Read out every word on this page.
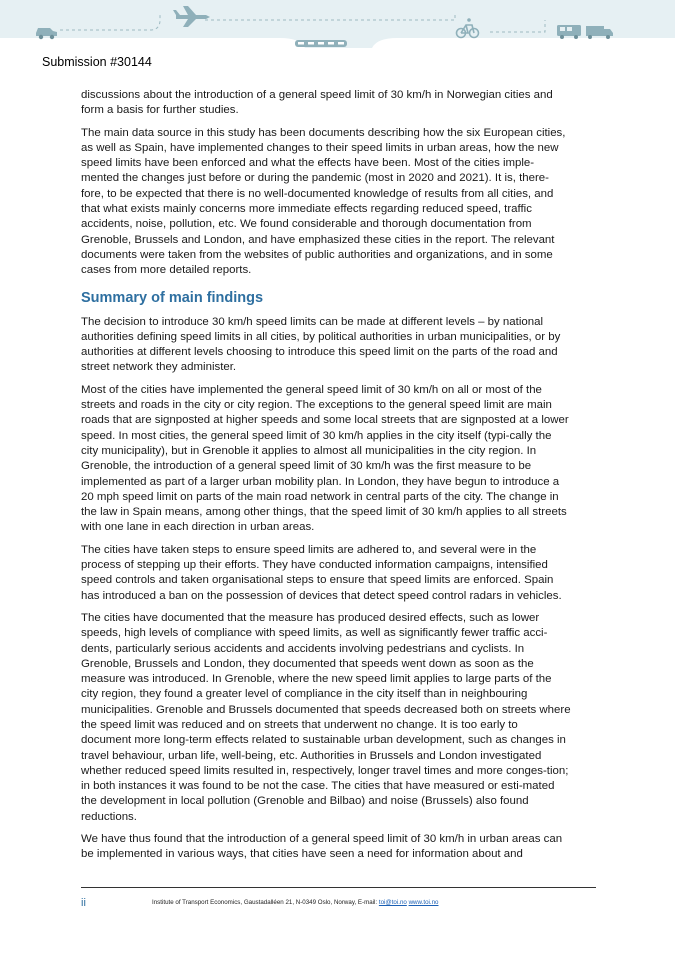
Submission #30144

discussions about the introduction of a general speed limit of 30 km/h in Norwegian cities and form a basis for further studies.

The main data source in this study has been documents describing how the six European cities, as well as Spain, have implemented changes to their speed limits in urban areas, how the new speed limits have been enforced and what the effects have been. Most of the cities imple-mented the changes just before or during the pandemic (most in 2020 and 2021). It is, there-fore, to be expected that there is no well-documented knowledge of results from all cities, and that what exists mainly concerns more immediate effects regarding reduced speed, traffic accidents, noise, pollution, etc. We found considerable and thorough documentation from Grenoble, Brussels and London, and have emphasized these cities in the report. The relevant documents were taken from the websites of public authorities and organizations, and in some cases from more detailed reports.

Summary of main findings

The decision to introduce 30 km/h speed limits can be made at different levels – by national authorities defining speed limits in all cities, by political authorities in urban municipalities, or by authorities at different levels choosing to introduce this speed limit on the parts of the road and street network they administer.

Most of the cities have implemented the general speed limit of 30 km/h on all or most of the streets and roads in the city or city region. The exceptions to the general speed limit are main roads that are signposted at higher speeds and some local streets that are signposted at a lower speed. In most cities, the general speed limit of 30 km/h applies in the city itself (typi-cally the city municipality), but in Grenoble it applies to almost all municipalities in the city region. In Grenoble, the introduction of a general speed limit of 30 km/h was the first measure to be implemented as part of a larger urban mobility plan. In London, they have begun to introduce a 20 mph speed limit on parts of the main road network in central parts of the city. The change in the law in Spain means, among other things, that the speed limit of 30 km/h applies to all streets with one lane in each direction in urban areas.

The cities have taken steps to ensure speed limits are adhered to, and several were in the process of stepping up their efforts. They have conducted information campaigns, intensified speed controls and taken organisational steps to ensure that speed limits are enforced. Spain has introduced a ban on the possession of devices that detect speed control radars in vehicles.

The cities have documented that the measure has produced desired effects, such as lower speeds, high levels of compliance with speed limits, as well as significantly fewer traffic acci-dents, particularly serious accidents and accidents involving pedestrians and cyclists. In Grenoble, Brussels and London, they documented that speeds went down as soon as the measure was introduced. In Grenoble, where the new speed limit applies to large parts of the city region, they found a greater level of compliance in the city itself than in neighbouring municipalities. Grenoble and Brussels documented that speeds decreased both on streets where the speed limit was reduced and on streets that underwent no change. It is too early to document more long-term effects related to sustainable urban development, such as changes in travel behaviour, urban life, well-being, etc. Authorities in Brussels and London investigated whether reduced speed limits resulted in, respectively, longer travel times and more conges-tion; in both instances it was found to be not the case. The cities that have measured or esti-mated the development in local pollution (Grenoble and Bilbao) and noise (Brussels) also found reductions.

We have thus found that the introduction of a general speed limit of 30 km/h in urban areas can be implemented in various ways, that cities have seen a need for information about and

ii	Institute of Transport Economics, Gaustadalléen 21, N-0349 Oslo, Norway, E-mail: toi@toi.no www.toi.no
